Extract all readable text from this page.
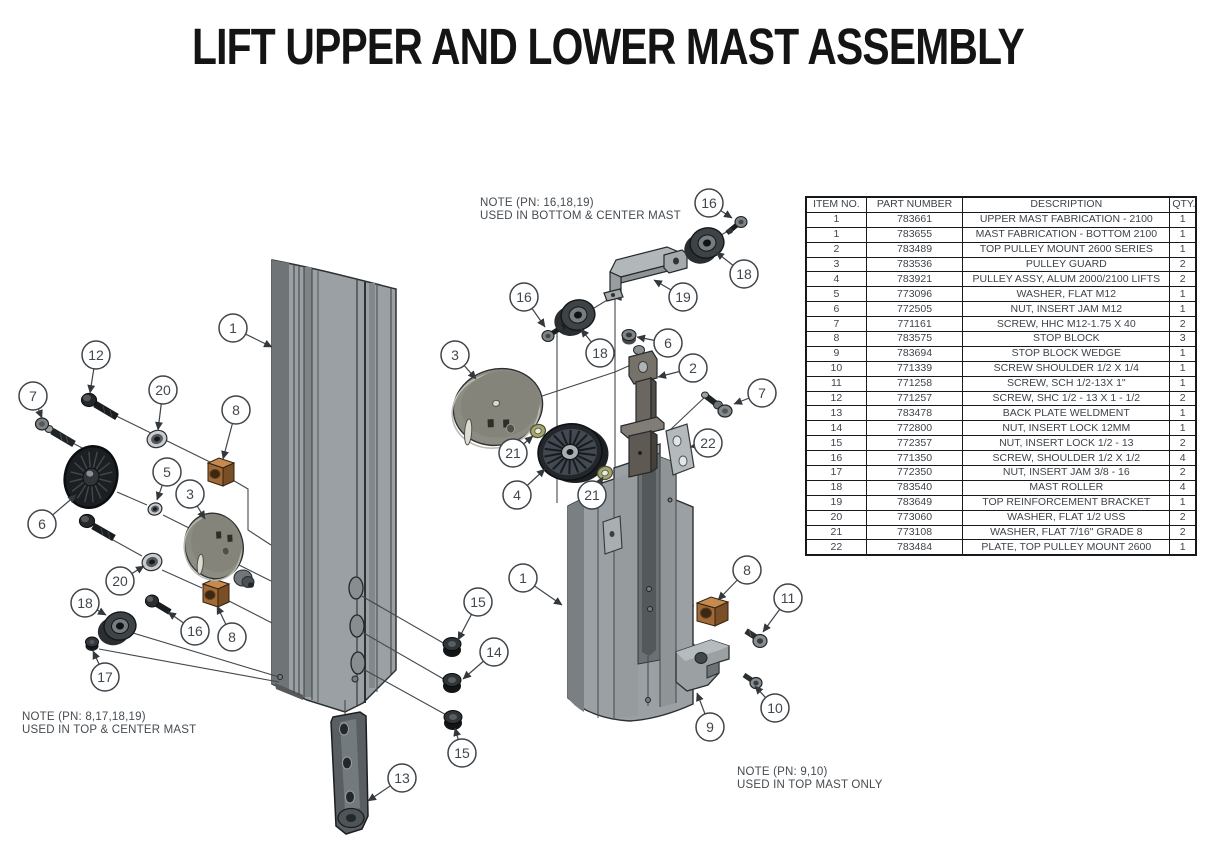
LIFT UPPER AND LOWER MAST ASSEMBLY
NOTE (PN: 16,18,19)
USED IN BOTTOM & CENTER MAST
NOTE (PN: 8,17,18,19)
USED IN TOP & CENTER MAST
NOTE (PN: 9,10)
USED IN TOP MAST ONLY
1
12
20
8
7
5
3
6
20
18
16 8
17
15
14
15
13
16
18
19
16
18
6
2
7
3
21
4	21
22
1	8
11
9
10
ITEM NO.	PART NUMBER	DESCRIPTION	QTY.
1	783661	UPPER MAST FABRICATION - 2100	1
1	783655	MAST FABRICATION - BOTTOM 2100	1
2	783489	TOP PULLEY MOUNT 2600 SERIES	1
3	783536	PULLEY GUARD	2
4	783921	PULLEY ASSY, ALUM 2000/2100 LIFTS	2
5	773096	WASHER, FLAT M12	1
6	772505	NUT, INSERT JAM M12	1
7	771161	SCREW, HHC M12-1.75 X 40	2
8	783575	STOP BLOCK	3
9	783694	STOP BLOCK WEDGE	1
10	771339	SCREW SHOULDER 1/2 X 1/4	1
11	771258	SCREW, SCH 1/2-13X 1"	1
12	771257	SCREW, SHC 1/2 - 13 X 1 - 1/2	2
13	783478	BACK PLATE WELDMENT	1
14	772800	NUT, INSERT LOCK 12MM	1
15	772357	NUT, INSERT LOCK 1/2 - 13	2
16	771350	SCREW, SHOULDER 1/2 X 1/2	4
17	772350	NUT, INSERT JAM 3/8 - 16	2
18	783540	MAST ROLLER	4
19	783649	TOP REINFORCEMENT BRACKET	1
20	773060	WASHER, FLAT 1/2 USS	2
21	773108	WASHER, FLAT 7/16" GRADE 8	2
22	783484	PLATE, TOP PULLEY MOUNT 2600	1
